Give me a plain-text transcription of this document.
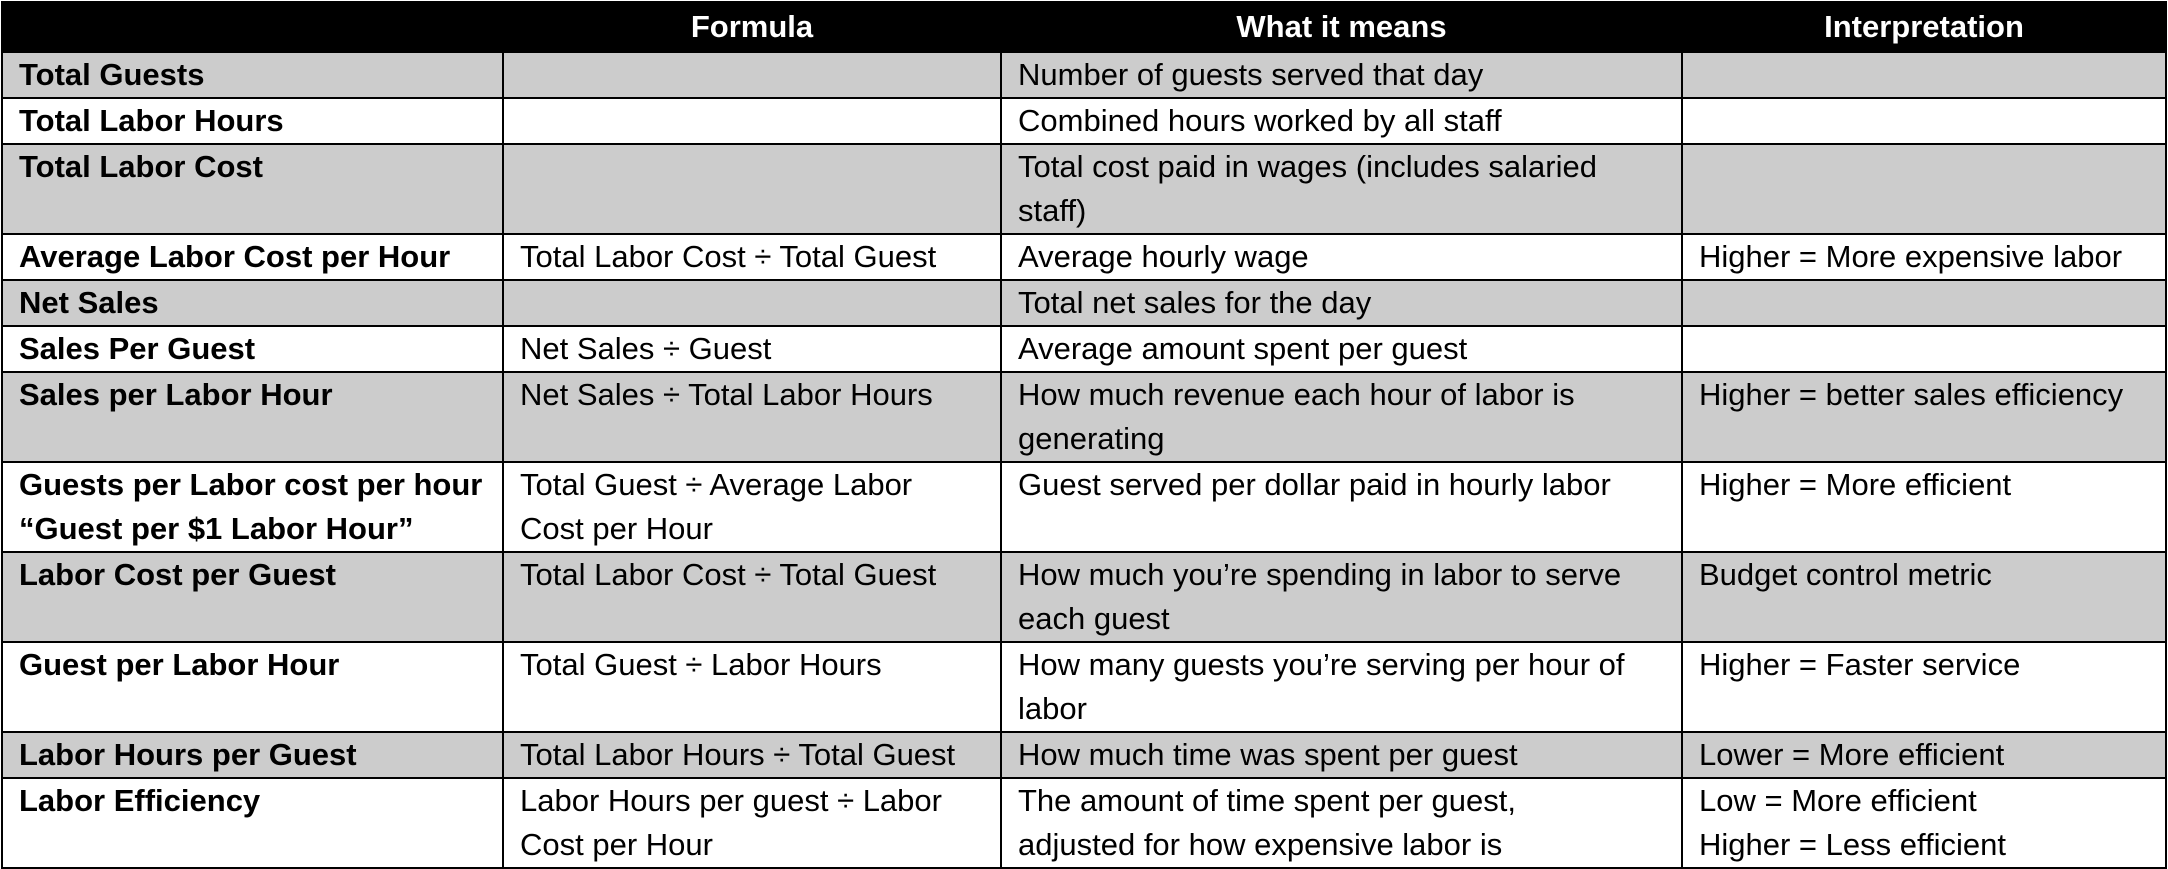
	Formula	What it means	Interpretation

Total Guests		Number of guests served that day	

Total Labor Hours		Combined hours worked by all staff	

Total Labor Cost		Total cost paid in wages (includes salaried
staff)	

Average Labor Cost per Hour	Total Labor Cost ÷ Total Guest	Average hourly wage	Higher = More expensive labor

Net Sales		Total net sales for the day	

Sales Per Guest	Net Sales ÷ Guest	Average amount spent per guest	

Sales per Labor Hour	Net Sales ÷ Total Labor Hours	How much revenue each hour of labor is
generating	Higher = better sales efficiency

Guests per Labor cost per hour
“Guest per $1 Labor Hour”	Total Guest ÷ Average Labor
Cost per Hour	Guest served per dollar paid in hourly labor	Higher = More efficient

Labor Cost per Guest	Total Labor Cost ÷ Total Guest	How much you’re spending in labor to serve
each guest	Budget control metric

Guest per Labor Hour	Total Guest ÷ Labor Hours	How many guests you’re serving per hour of
labor	Higher = Faster service

Labor Hours per Guest	Total Labor Hours ÷ Total Guest	How much time was spent per guest	Lower = More efficient

Labor Efficiency	Labor Hours per guest ÷ Labor
Cost per Hour	The amount of time spent per guest,
adjusted for how expensive labor is	Low = More efficient
Higher = Less efficient
